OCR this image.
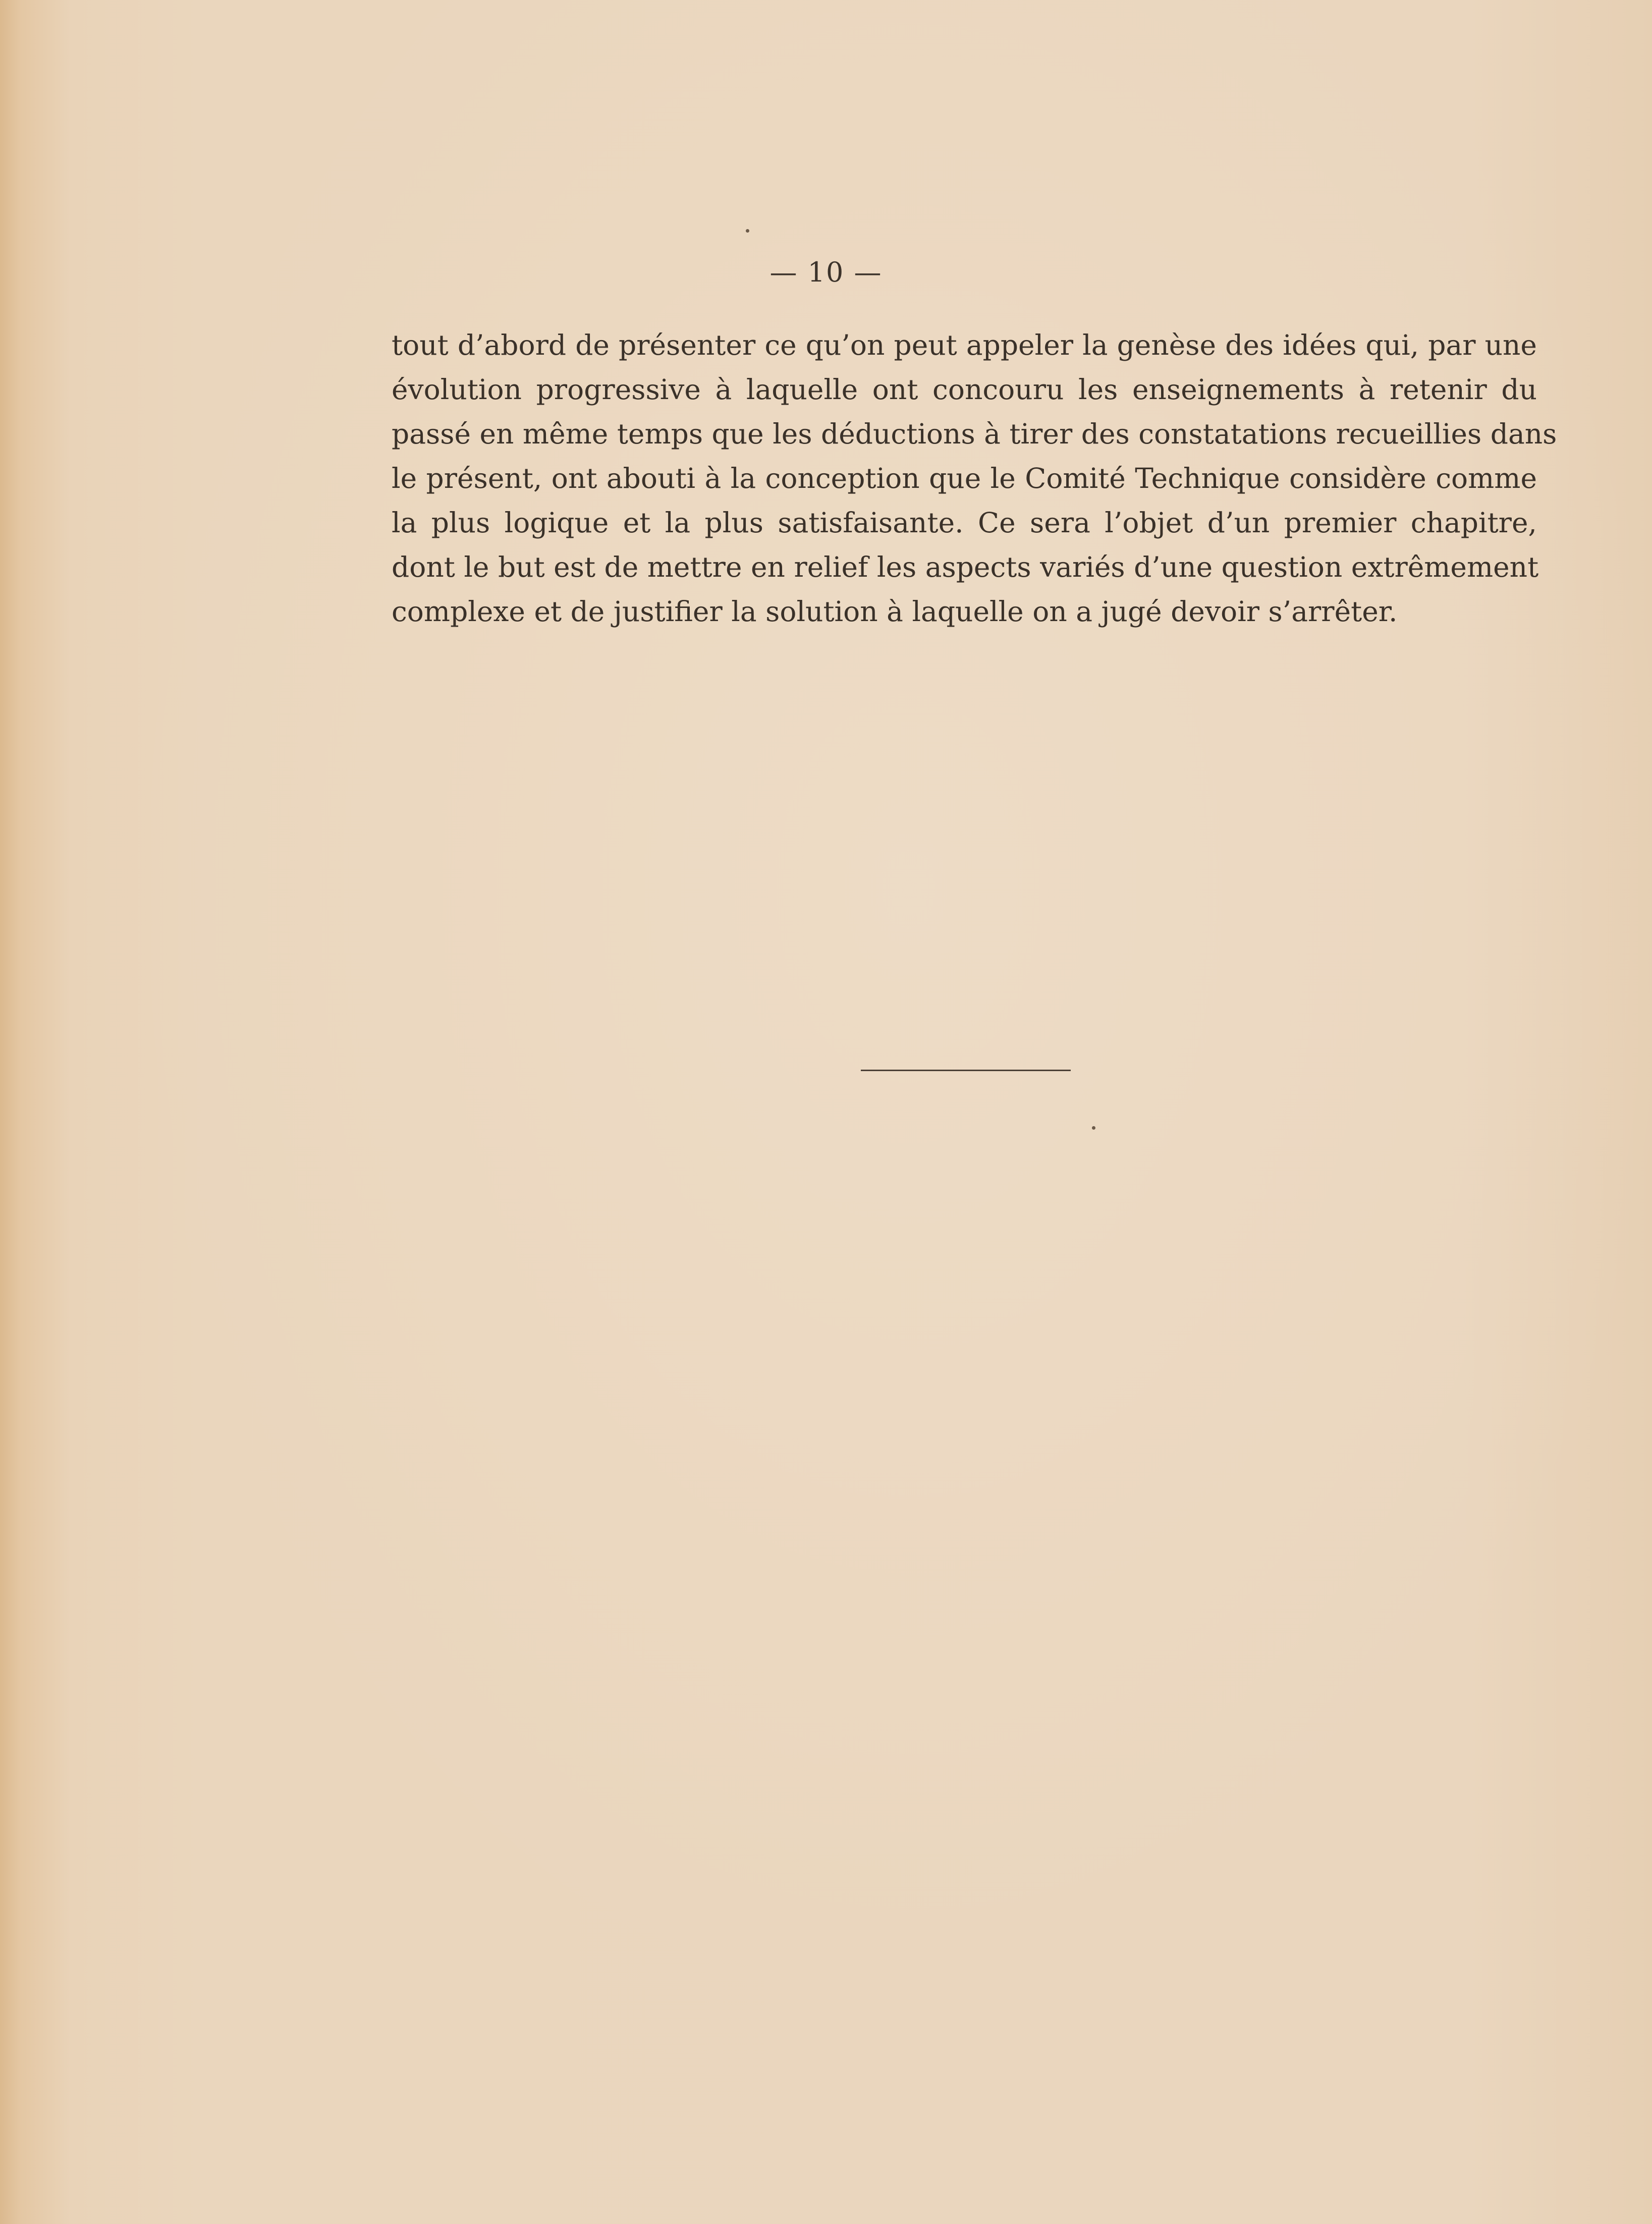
— 10 —

tout d’abord de présenter ce qu’on peut appeler la genèse des idées qui, par une
évolution progressive à laquelle ont concouru les enseignements à retenir du
passé en même temps que les déductions à tirer des constatations recueillies dans
le présent, ont abouti à la conception que le Comité Technique considère comme
la plus logique et la plus satisfaisante. Ce sera l’objet d’un premier chapitre,
dont le but est de mettre en relief les aspects variés d’une question extrêmement
complexe et de justifier la solution à laquelle on a jugé devoir s’arrêter.
